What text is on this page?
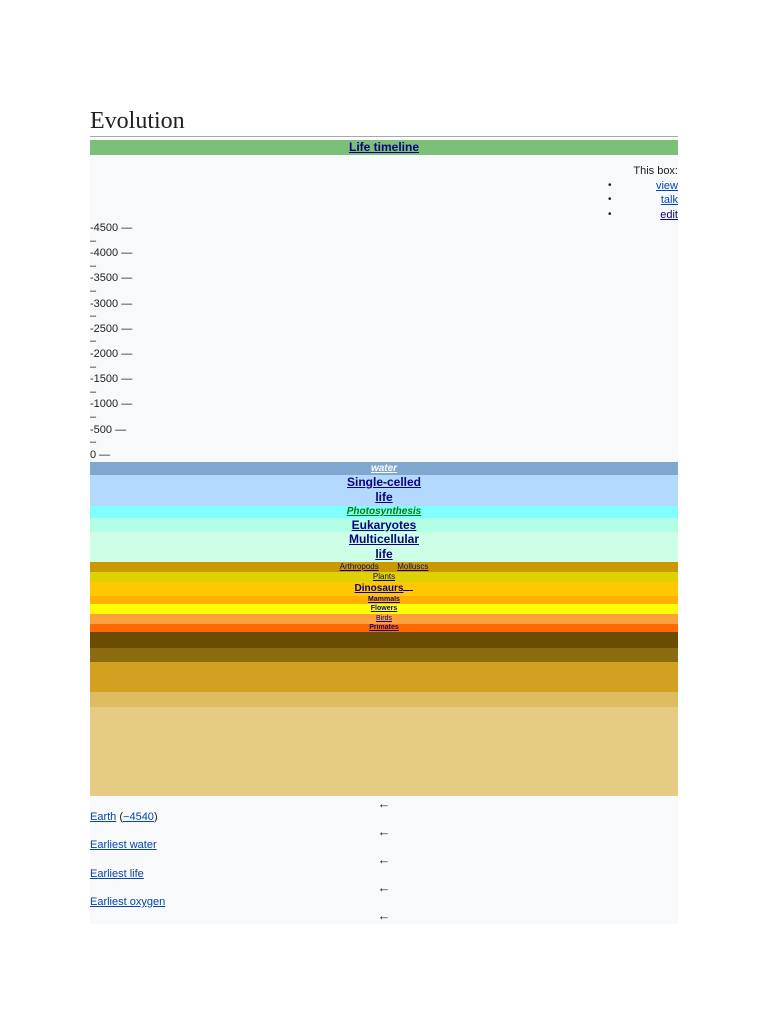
Evolution
Life timeline
This box:
•	view
•	talk
•	edit
-4500 —
–
-4000 —
–
-3500 —
–
-3000 —
–
-2500 —
–
-2000 —
–
-1500 —
–
-1000 —
–
-500 —
–
0 —
water
Single-celled
life
Photosynthesis
Eukaryotes
Multicellular
life
Arthropods Molluscs
Plants
Dinosaurs
Mammals
Flowers
Birds
Primates
←
Earth (−4540)
←
Earliest water
←
Earliest life
←
Earliest oxygen
←
